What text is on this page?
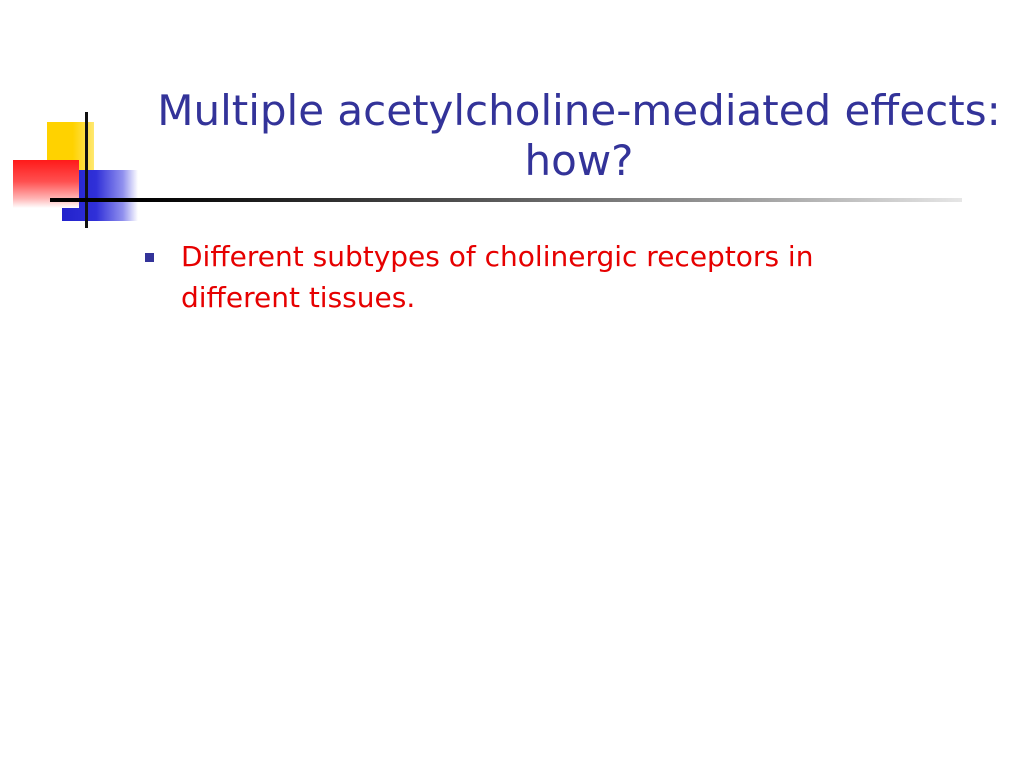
Multiple acetylcholine-mediated effects: how?
Different subtypes of cholinergic receptors in different tissues.
